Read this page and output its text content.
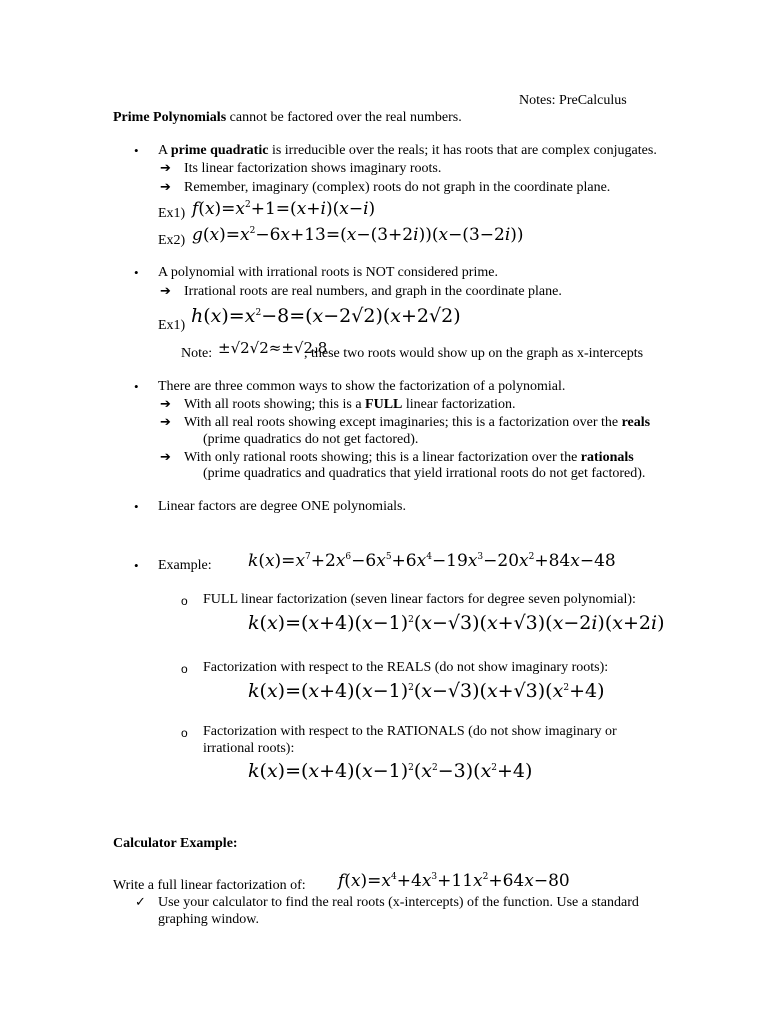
Notes: PreCalculus
Prime Polynomials cannot be factored over the real numbers.
• A prime quadratic is irreducible over the reals; it has roots that are complex conjugates.
➔ Its linear factorization shows imaginary roots.
➔ Remember, imaginary (complex) roots do not graph in the coordinate plane.
Ex1) $f(x)=x^2+1=(x+i)(x-i)$
Ex2) $g(x)=x^2-6x+13=(x-(3+2i))(x-(3-2i))$
• A polynomial with irrational roots is NOT considered prime.
➔ Irrational roots are real numbers, and graph in the coordinate plane.
Ex1) $h(x)=x^2-8=(x-2√2)(x+2√2)$
Note: ±√2√2≈±√2.8
, these two roots would show up on the graph as x-intercepts
• There are three common ways to show the factorization of a polynomial.
➔ With all roots showing; this is a FULL linear factorization.
➔ With all real roots showing except imaginaries; this is a factorization over the reals
(prime quadratics do not get factored).
➔ With only rational roots showing; this is a linear factorization over the rationals
(prime quadratics and quadratics that yield irrational roots do not get factored).
• Linear factors are degree ONE polynomials.
• Example: $k(x)=x^7+2x^6-6x^5+6x^4-19x^3-20x^2+84x-48$
o FULL linear factorization (seven linear factors for degree seven polynomial):
$k(x)=(x+4)(x-1)^2(x-√3)(x+√3)(x-2i)(x+2i)$
o Factorization with respect to the REALS (do not show imaginary roots):
$k(x)=(x+4)(x-1)^2(x-√3)(x+√3)(x^2+4)$
o Factorization with respect to the RATIONALS (do not show imaginary or
irrational roots):
$k(x)=(x+4)(x-1)^2(x^2-3)(x^2+4)$
Calculator Example:
Write a full linear factorization of: $f(x)=x^4+4x^3+11x^2+64x-80$
✓ Use your calculator to find the real roots (x-intercepts) of the function. Use a standard
graphing window.
